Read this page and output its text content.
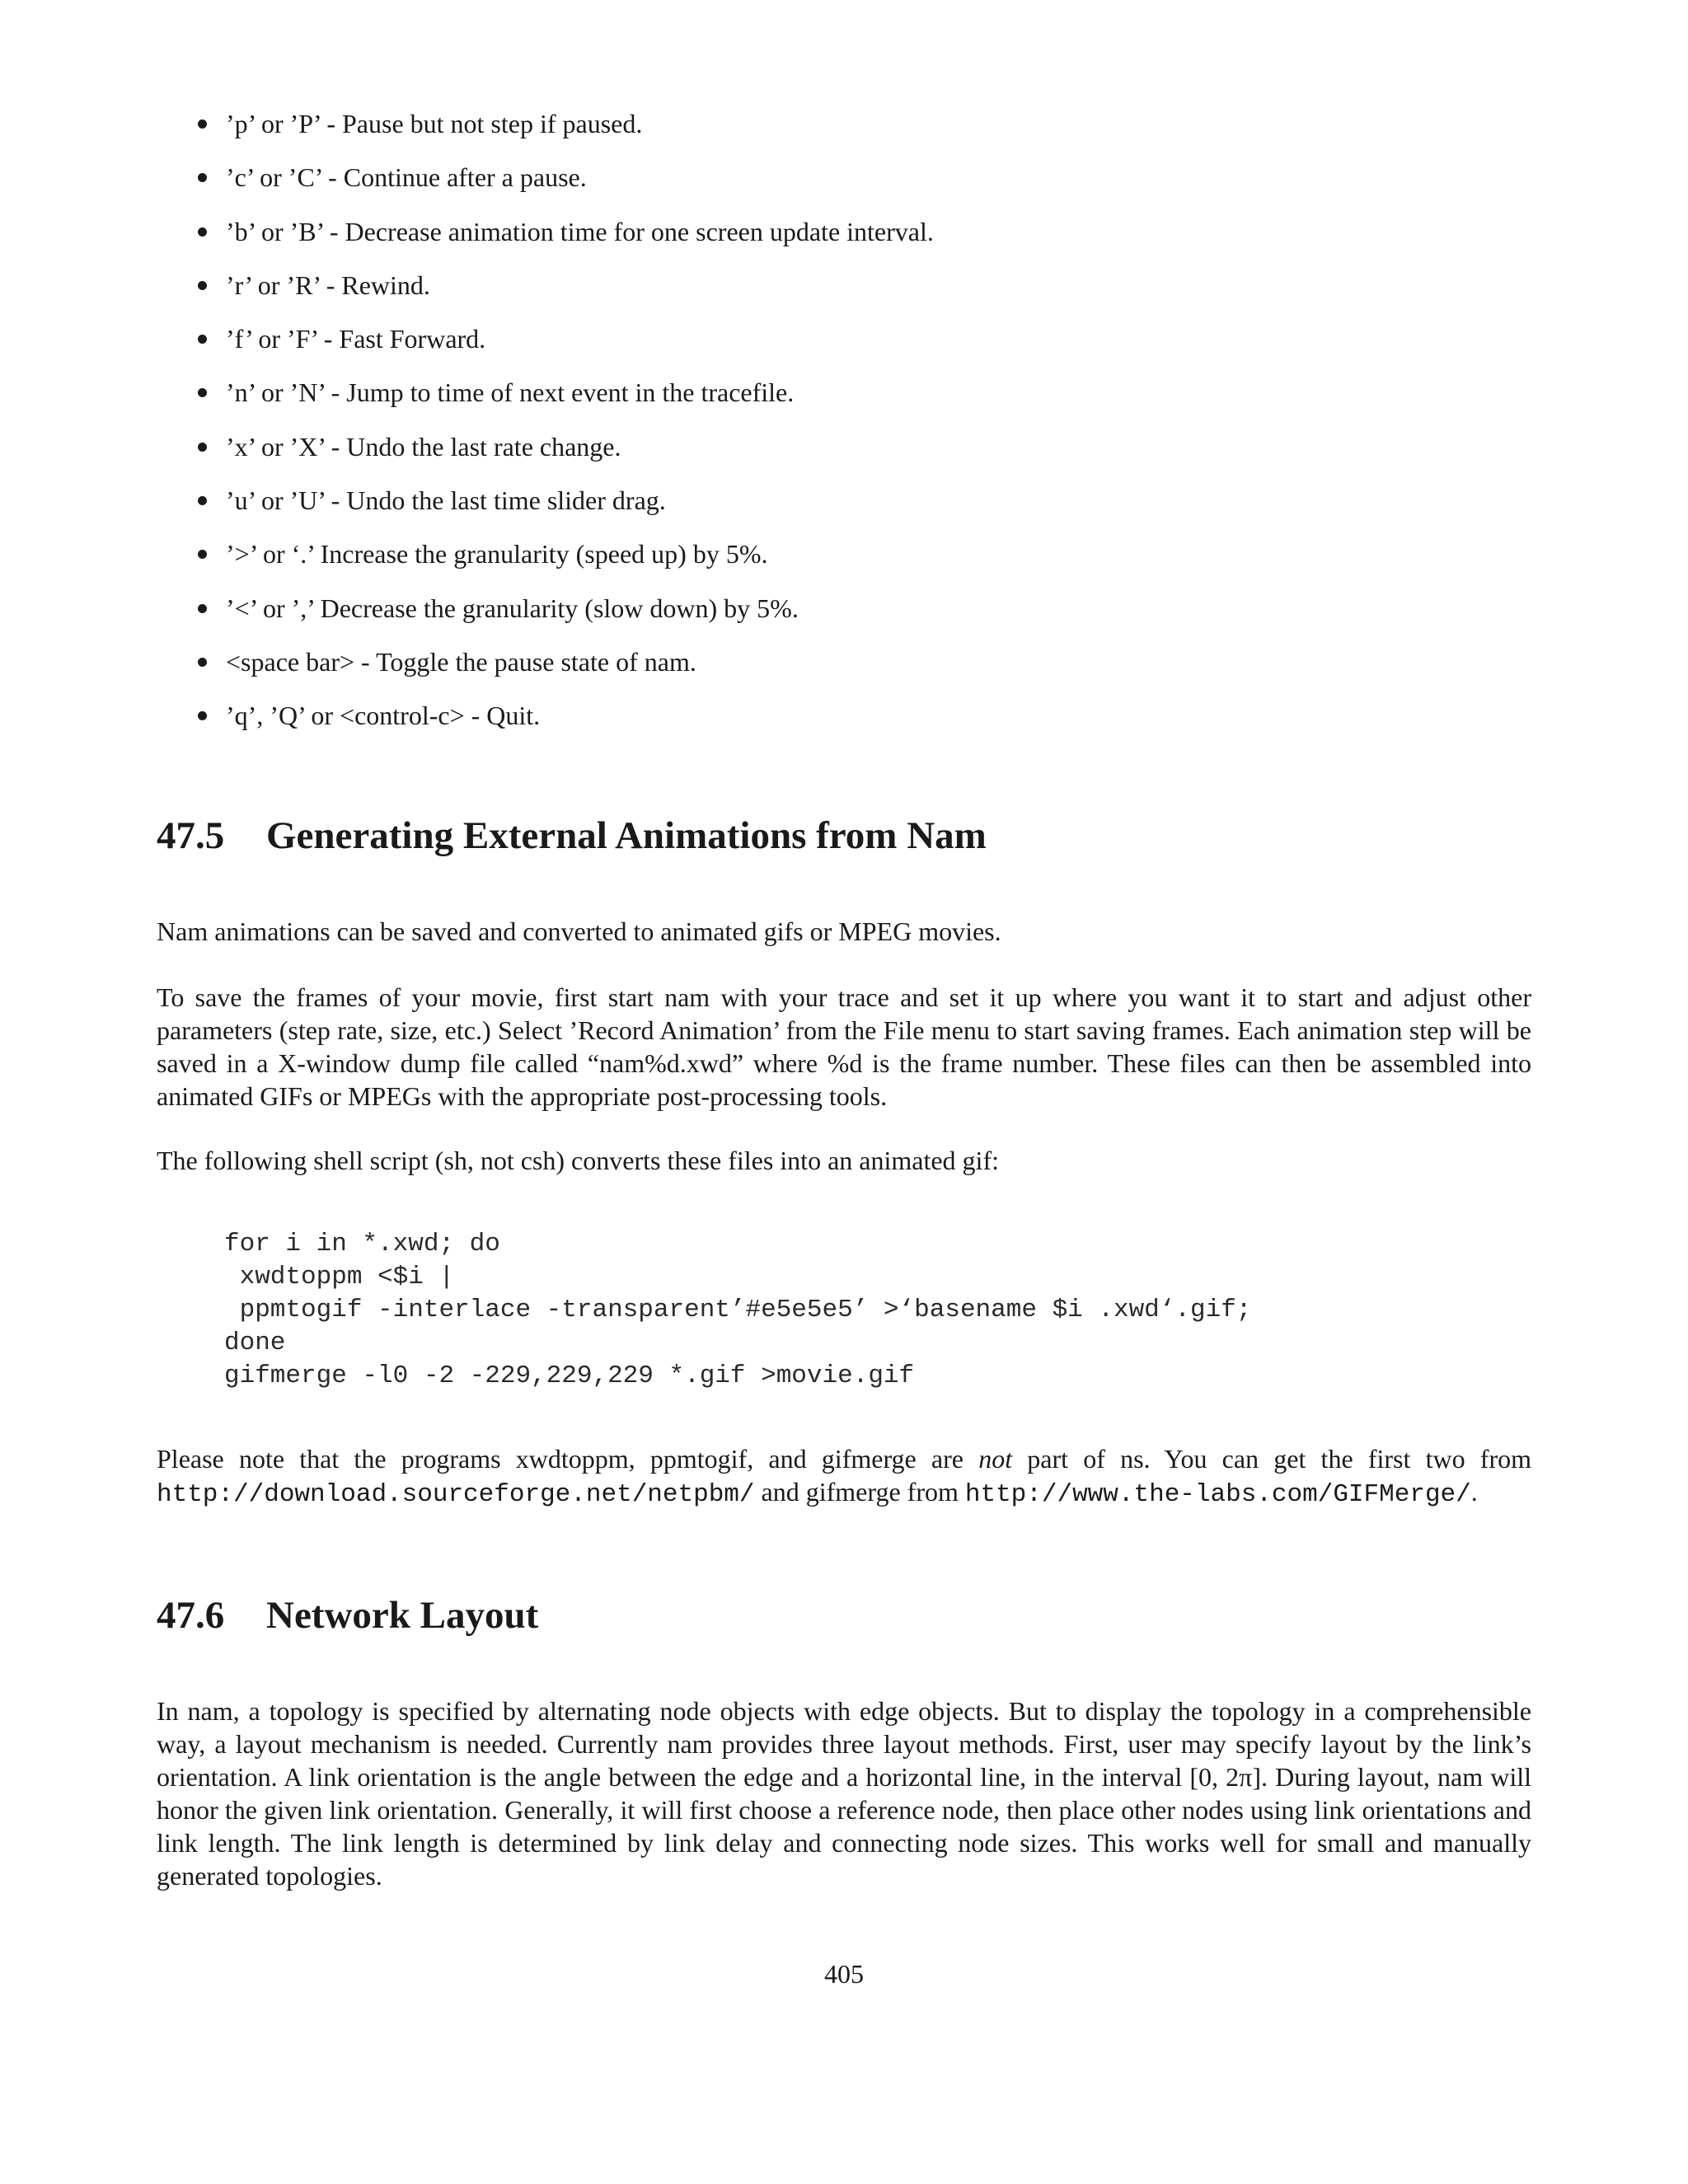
’p’ or ’P’ - Pause but not step if paused.
’c’ or ’C’ - Continue after a pause.
’b’ or ’B’ - Decrease animation time for one screen update interval.
’r’ or ’R’ - Rewind.
’f’ or ’F’ - Fast Forward.
’n’ or ’N’ - Jump to time of next event in the tracefile.
’x’ or ’X’ - Undo the last rate change.
’u’ or ’U’ - Undo the last time slider drag.
’>’ or ‘.’ Increase the granularity (speed up) by 5%.
’<’ or ’,’ Decrease the granularity (slow down) by 5%.
<space bar> - Toggle the pause state of nam.
’q’, ’Q’ or <control-c> - Quit.
47.5 Generating External Animations from Nam

Nam animations can be saved and converted to animated gifs or MPEG movies.

To save the frames of your movie, first start nam with your trace and set it up where you want it to start and adjust other parameters (step rate, size, etc.) Select ’Record Animation’ from the File menu to start saving frames. Each animation step will be saved in a X-window dump file called “nam%d.xwd” where %d is the frame number. These files can then be assembled into animated GIFs or MPEGs with the appropriate post-processing tools.

The following shell script (sh, not csh) converts these files into an animated gif:

for i in *.xwd; do
xwdtoppm <$i |
ppmtogif -interlace -transparent’#e5e5e5’ >‘basename $i .xwd‘.gif;
done
gifmerge -l0 -2 -229,229,229 *.gif >movie.gif

Please note that the programs xwdtoppm, ppmtogif, and gifmerge are not part of ns. You can get the first two from http://download.sourceforge.net/netpbm/ and gifmerge from http://www.the-labs.com/GIFMerge/.

47.6 Network Layout

In nam, a topology is specified by alternating node objects with edge objects. But to display the topology in a comprehensible way, a layout mechanism is needed. Currently nam provides three layout methods. First, user may specify layout by the link’s orientation. A link orientation is the angle between the edge and a horizontal line, in the interval [0, 2π]. During layout, nam will honor the given link orientation. Generally, it will first choose a reference node, then place other nodes using link orientations and link length. The link length is determined by link delay and connecting node sizes. This works well for small and manually generated topologies.

405
